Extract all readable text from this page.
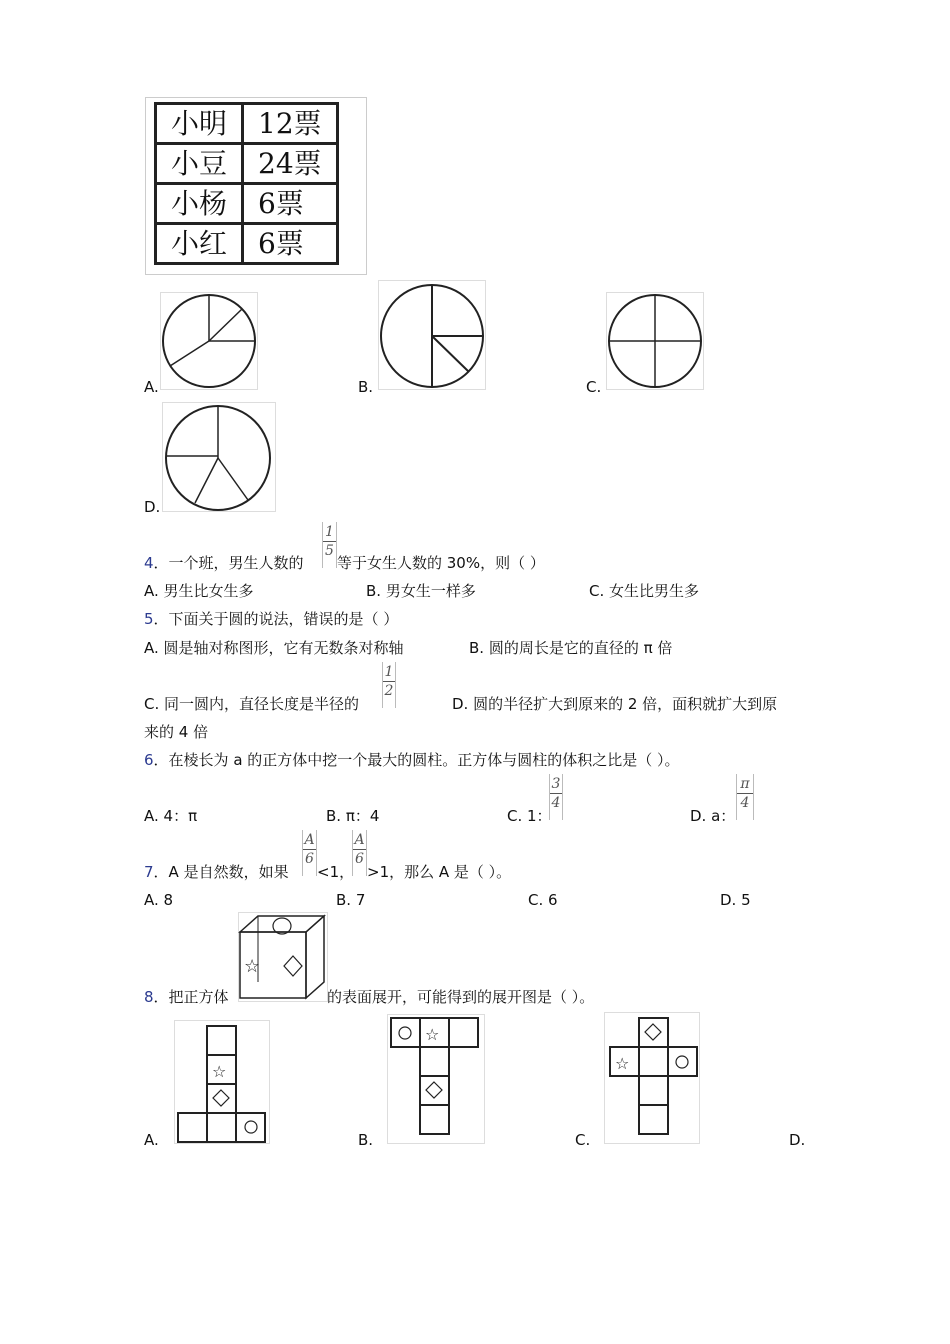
小明	12票
小豆	24票
小杨	6票
小红	6票
A.	B.	C.
D.
4．一个班，男生人数的
1
5
等于女生人数的 30%，则（ ）
A. 男生比女生多	B. 男女生一样多	C. 女生比男生多
5．下面关于圆的说法，错误的是（ ）
A. 圆是轴对称图形，它有无数条对称轴	B. 圆的周长是它的直径的 π 倍
C. 同一圆内，直径长度是半径的
1
2
D. 圆的半径扩大到原来的 2 倍，面积就扩大到原
来的 4 倍
6．在棱长为 a 的正方体中挖一个最大的圆柱。正方体与圆柱的体积之比是（ ）。
A. 4：π	B. π：4	C. 1：
3
4
D. a：
π
4
7．A 是自然数，如果
A
6
<1，
A
6
>1，那么 A 是（ ）。
A. 8	B. 7	C. 6	D. 5
8．把正方体
☆
的表面展开，可能得到的展开图是（ ）。
A.
☆
B.
☆
C.
☆
D.
